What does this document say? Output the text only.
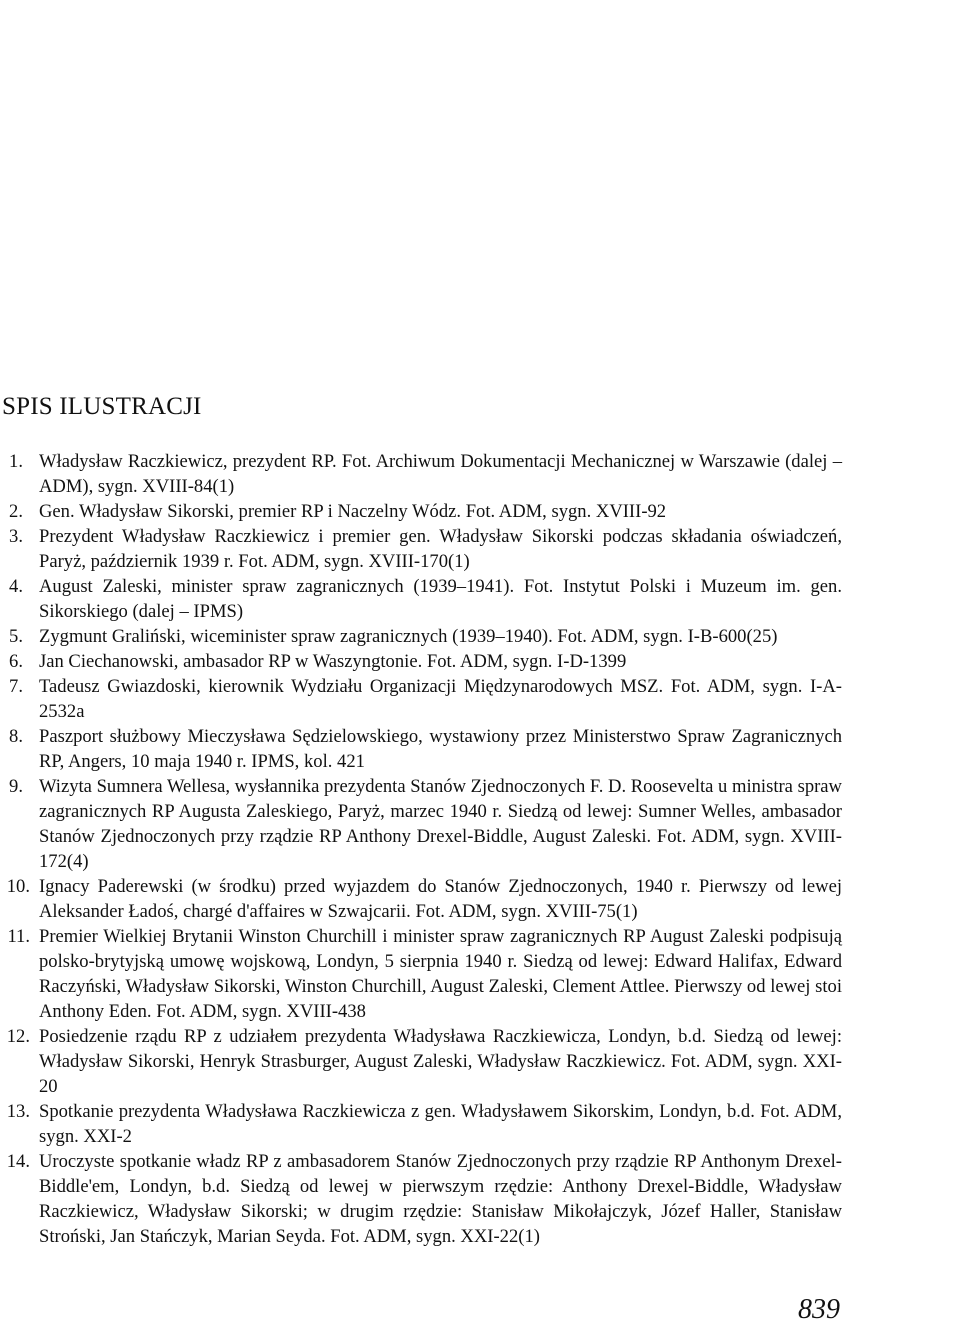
SPIS ILUSTRACJI
1. Władysław Raczkiewicz, prezydent RP. Fot. Archiwum Dokumentacji Mechanicznej w Warszawie (dalej – ADM), sygn. XVIII-84(1)
2. Gen. Władysław Sikorski, premier RP i Naczelny Wódz. Fot. ADM, sygn. XVIII-92
3. Prezydent Władysław Raczkiewicz i premier gen. Władysław Sikorski podczas składania oświadczeń, Paryż, październik 1939 r. Fot. ADM, sygn. XVIII-170(1)
4. August Zaleski, minister spraw zagranicznych (1939–1941). Fot. Instytut Polski i Muzeum im. gen. Sikorskiego (dalej – IPMS)
5. Zygmunt Graliński, wiceminister spraw zagranicznych (1939–1940). Fot. ADM, sygn. I-B-600(25)
6. Jan Ciechanowski, ambasador RP w Waszyngtonie. Fot. ADM, sygn. I-D-1399
7. Tadeusz Gwiazdoski, kierownik Wydziału Organizacji Międzynarodowych MSZ. Fot. ADM, sygn. I-A-2532a
8. Paszport służbowy Mieczysława Sędzielowskiego, wystawiony przez Ministerstwo Spraw Zagranicznych RP, Angers, 10 maja 1940 r. IPMS, kol. 421
9. Wizyta Sumnera Wellesa, wysłannika prezydenta Stanów Zjednoczonych F. D. Roosevelta u ministra spraw zagranicznych RP Augusta Zaleskiego, Paryż, marzec 1940 r. Siedzą od lewej: Sumner Welles, ambasador Stanów Zjednoczonych przy rządzie RP Anthony Drexel-Biddle, August Zaleski. Fot. ADM, sygn. XVIII-172(4)
10. Ignacy Paderewski (w środku) przed wyjazdem do Stanów Zjednoczonych, 1940 r. Pierwszy od lewej Aleksander Ładoś, chargé d'affaires w Szwajcarii. Fot. ADM, sygn. XVIII-75(1)
11. Premier Wielkiej Brytanii Winston Churchill i minister spraw zagranicznych RP August Zaleski podpisują polsko-brytyjską umowę wojskową, Londyn, 5 sierpnia 1940 r. Siedzą od lewej: Edward Halifax, Edward Raczyński, Władysław Sikorski, Winston Churchill, August Zaleski, Clement Attlee. Pierwszy od lewej stoi Anthony Eden. Fot. ADM, sygn. XVIII-438
12. Posiedzenie rządu RP z udziałem prezydenta Władysława Raczkiewicza, Londyn, b.d. Siedzą od lewej: Władysław Sikorski, Henryk Strasburger, August Zaleski, Władysław Raczkiewicz. Fot. ADM, sygn. XXI-20
13. Spotkanie prezydenta Władysława Raczkiewicza z gen. Władysławem Sikorskim, Londyn, b.d. Fot. ADM, sygn. XXI-2
14. Uroczyste spotkanie władz RP z ambasadorem Stanów Zjednoczonych przy rządzie RP Anthonym Drexel-Biddle'em, Londyn, b.d. Siedzą od lewej w pierwszym rzędzie: Anthony Drexel-Biddle, Władysław Raczkiewicz, Władysław Sikorski; w drugim rzędzie: Stanisław Mikołajczyk, Józef Haller, Stanisław Stroński, Jan Stańczyk, Marian Seyda. Fot. ADM, sygn. XXI-22(1)
839
